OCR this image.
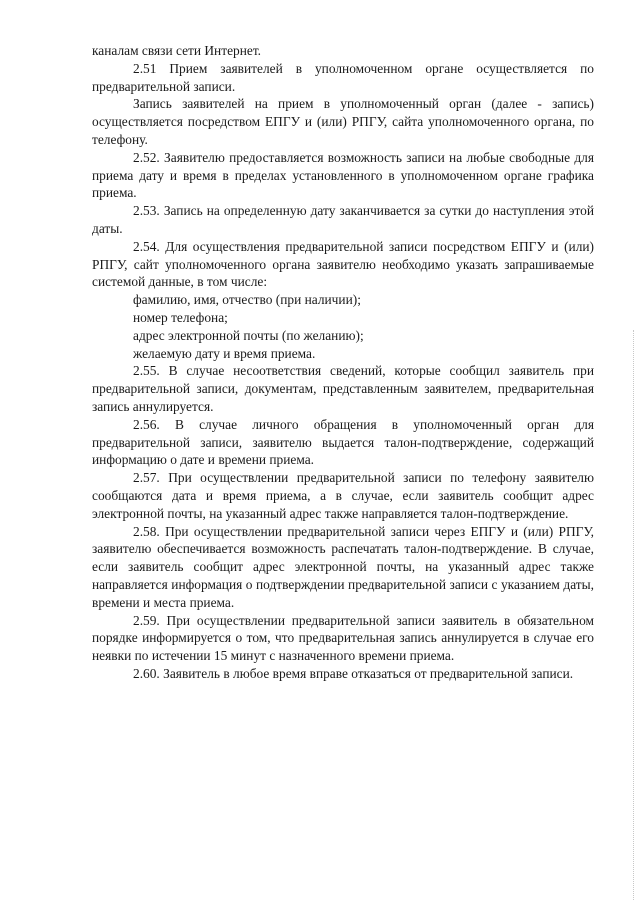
каналам связи сети Интернет.

2.51 Прием заявителей в уполномоченном органе осуществляется по предварительной записи.

Запись заявителей на прием в уполномоченный орган (далее - запись) осуществляется посредством ЕПГУ и (или) РПГУ, сайта уполномоченного органа, по телефону.

2.52. Заявителю предоставляется возможность записи на любые свободные для приема дату и время в пределах установленного в уполномоченном органе графика приема.

2.53. Запись на определенную дату заканчивается за сутки до наступления этой даты.

2.54. Для осуществления предварительной записи посредством ЕПГУ и (или) РПГУ, сайт уполномоченного органа заявителю необходимо указать запрашиваемые системой данные, в том числе:

фамилию, имя, отчество (при наличии);

номер телефона;

адрес электронной почты (по желанию);

желаемую дату и время приема.

2.55. В случае несоответствия сведений, которые сообщил заявитель при предварительной записи, документам, представленным заявителем, предварительная запись аннулируется.

2.56. В случае личного обращения в уполномоченный орган для предварительной записи, заявителю выдается талон-подтверждение, содержащий информацию о дате и времени приема.

2.57. При осуществлении предварительной записи по телефону заявителю сообщаются дата и время приема, а в случае, если заявитель сообщит адрес электронной почты, на указанный адрес также направляется талон-подтверждение.

2.58. При осуществлении предварительной записи через ЕПГУ и (или) РПГУ, заявителю обеспечивается возможность распечатать талон-подтверждение. В случае, если заявитель сообщит адрес электронной почты, на указанный адрес также направляется информация о подтверждении предварительной записи с указанием даты, времени и места приема.

2.59. При осуществлении предварительной записи заявитель в обязательном порядке информируется о том, что предварительная запись аннулируется в случае его неявки по истечении 15 минут с назначенного времени приема.

2.60. Заявитель в любое время вправе отказаться от предварительной записи.
